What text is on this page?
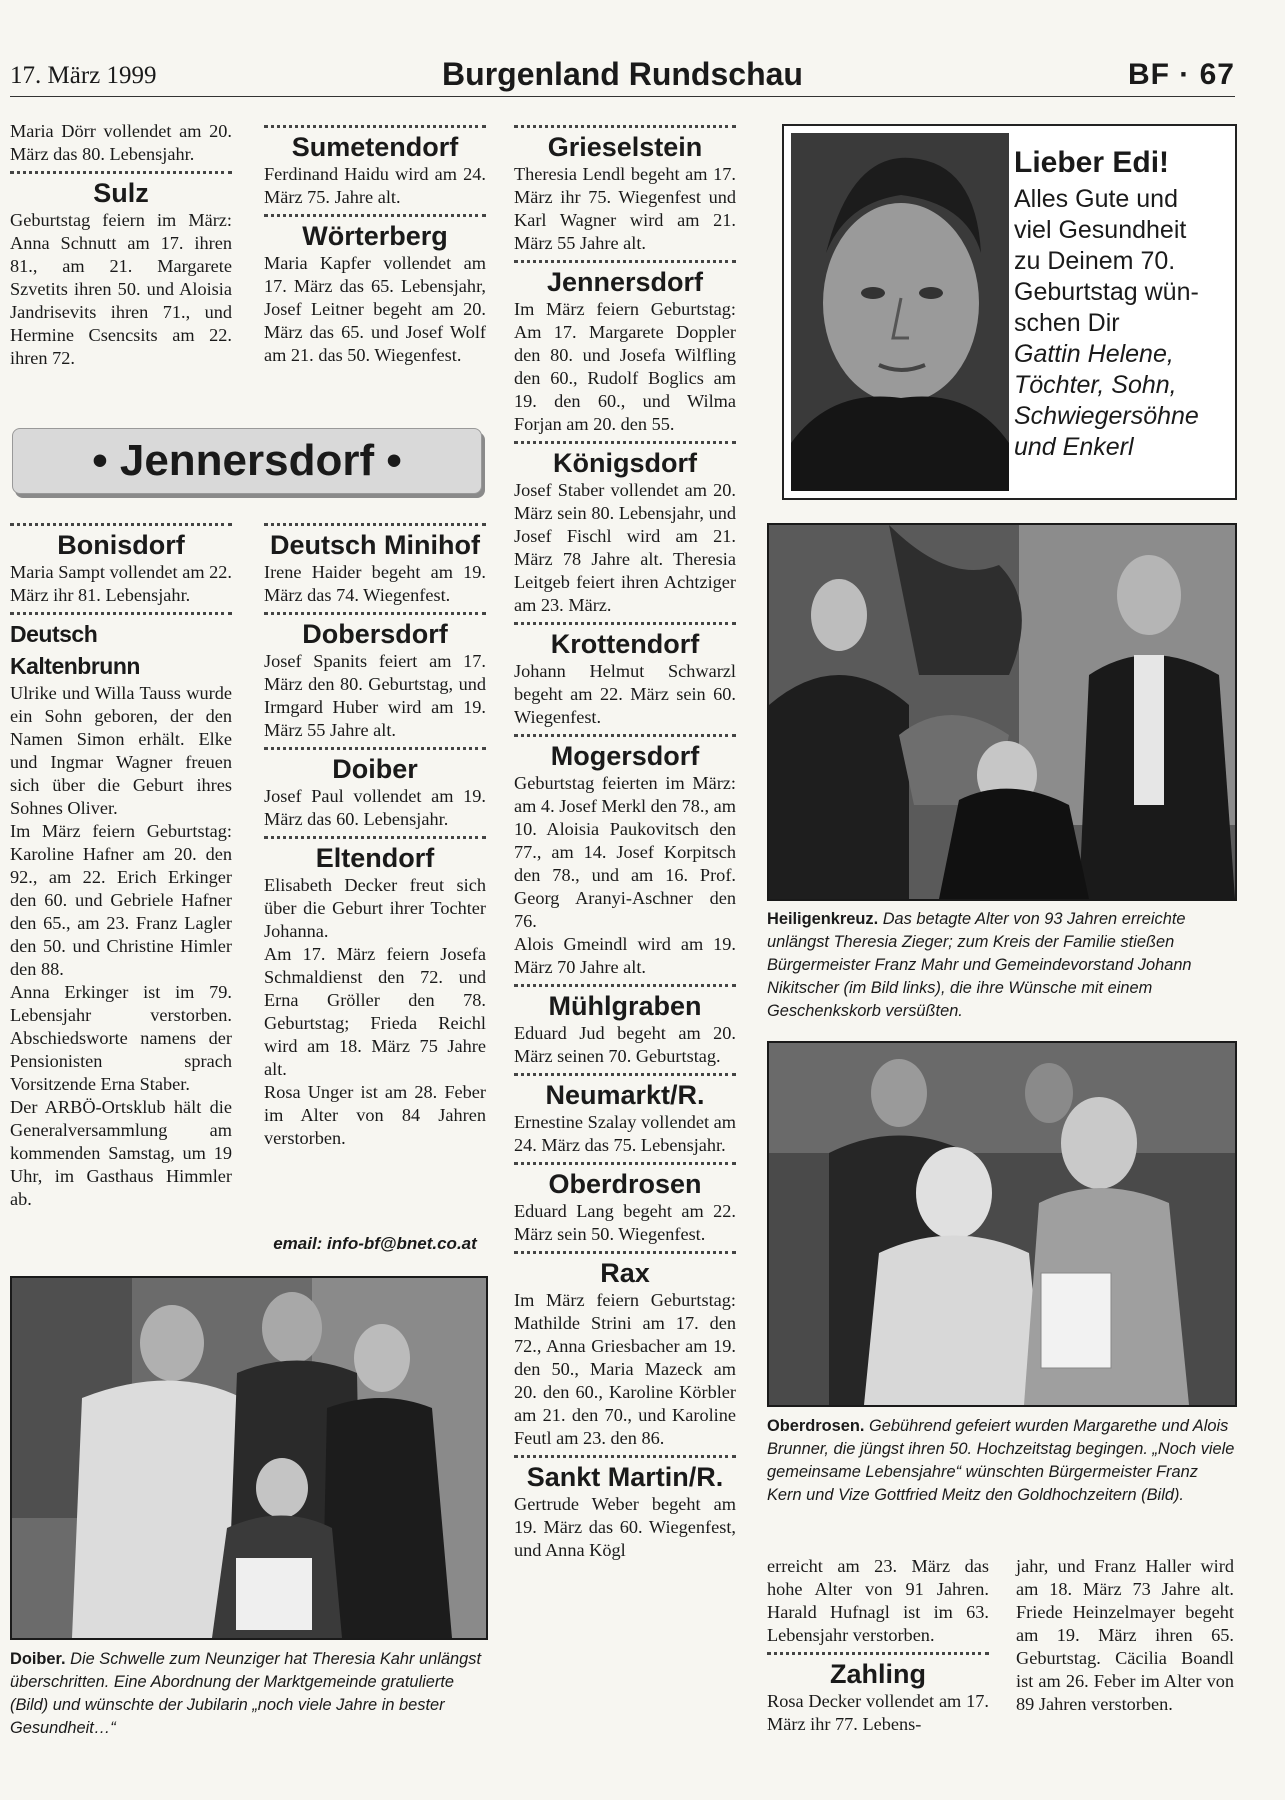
17. März 1999	Burgenland Rundschau	BF · 67

Maria Dörr vollendet am 20. März das 80. Lebensjahr.

Sulz

Geburtstag feiern im März: Anna Schnutt am 17. ihren 81., am 21. Margarete Szvetits ihren 50. und Aloisia Jandrisevits ihren 71., und Hermine Csencsits am 22. ihren 72.

• Jennersdorf •

Bonisdorf

Maria Sampt vollendet am 22. März ihr 81. Lebensjahr.

Deutsch Kaltenbrunn

Ulrike und Willa Tauss wurde ein Sohn geboren, der den Namen Simon erhält. Elke und Ingmar Wagner freuen sich über die Geburt ihres Sohnes Oliver.

Im März feiern Geburtstag: Karoline Hafner am 20. den 92., am 22. Erich Erkinger den 60. und Gebriele Hafner den 65., am 23. Franz Lagler den 50. und Christine Himler den 88.

Anna Erkinger ist im 79. Lebensjahr verstorben. Abschiedsworte namens der Pensionisten sprach Vorsitzende Erna Staber.

Der ARBÖ-Ortsklub hält die Generalversammlung am kommenden Samstag, um 19 Uhr, im Gasthaus Himmler ab.

Sumetendorf

Ferdinand Haidu wird am 24. März 75. Jahre alt.

Wörterberg

Maria Kapfer vollendet am 17. März das 65. Lebensjahr, Josef Leitner begeht am 20. März das 65. und Josef Wolf am 21. das 50. Wiegenfest.

Deutsch Minihof

Irene Haider begeht am 19. März das 74. Wiegenfest.

Dobersdorf

Josef Spanits feiert am 17. März den 80. Geburtstag, und Irmgard Huber wird am 19. März 55 Jahre alt.

Doiber

Josef Paul vollendet am 19. März das 60. Lebensjahr.

Eltendorf

Elisabeth Decker freut sich über die Geburt ihrer Tochter Johanna.

Am 17. März feiern Josefa Schmaldienst den 72. und Erna Gröller den 78. Geburtstag; Frieda Reichl wird am 18. März 75 Jahre alt.

Rosa Unger ist am 28. Feber im Alter von 84 Jahren verstorben.

email: info-bf@bnet.co.at

Grieselstein

Theresia Lendl begeht am 17. März ihr 75. Wiegenfest und Karl Wagner wird am 21. März 55 Jahre alt.

Jennersdorf

Im März feiern Geburtstag: Am 17. Margarete Doppler den 80. und Josefa Wilfling den 60., Rudolf Boglics am 19. den 60., und Wilma Forjan am 20. den 55.

Königsdorf

Josef Staber vollendet am 20. März sein 80. Lebensjahr, und Josef Fischl wird am 21. März 78 Jahre alt. Theresia Leitgeb feiert ihren Achtziger am 23. März.

Krottendorf

Johann Helmut Schwarzl begeht am 22. März sein 60. Wiegenfest.

Mogersdorf

Geburtstag feierten im März: am 4. Josef Merkl den 78., am 10. Aloisia Paukovitsch den 77., am 14. Josef Korpitsch den 78., und am 16. Prof. Georg Aranyi-Aschner den 76.

Alois Gmeindl wird am 19. März 70 Jahre alt.

Mühlgraben

Eduard Jud begeht am 20. März seinen 70. Geburtstag.

Neumarkt/R.

Ernestine Szalay vollendet am 24. März das 75. Lebensjahr.

Oberdrosen

Eduard Lang begeht am 22. März sein 50. Wiegenfest.

Rax

Im März feiern Geburtstag: Mathilde Strini am 17. den 72., Anna Griesbacher am 19. den 50., Maria Mazeck am 20. den 60., Karoline Körbler am 21. den 70., und Karoline Feutl am 23. den 86.

Sankt Martin/R.

Gertrude Weber begeht am 19. März das 60. Wiegenfest, und Anna Kögl

Lieber Edi!
Alles Gute und
viel Gesundheit
zu Deinem 70.
Geburtstag wün-
schen Dir
Gattin Helene,
Töchter, Sohn,
Schwiegersöhne
und Enkerl

Heiligenkreuz. Das betagte Alter von 93 Jahren erreichte unlängst Theresia Zieger; zum Kreis der Familie stießen Bürgermeister Franz Mahr und Gemeindevorstand Johann Nikitscher (im Bild links), die ihre Wünsche mit einem Geschenkskorb versüßten.

Oberdrosen. Gebührend gefeiert wurden Margarethe und Alois Brunner, die jüngst ihren 50. Hochzeitstag begingen. „Noch viele gemeinsame Lebensjahre“ wünschten Bürgermeister Franz Kern und Vize Gottfried Meitz den Goldhochzeitern (Bild).

Doiber. Die Schwelle zum Neunziger hat Theresia Kahr unlängst überschritten. Eine Abordnung der Marktgemeinde gratulierte (Bild) und wünschte der Jubilarin „noch viele Jahre in bester Gesundheit…“

erreicht am 23. März das hohe Alter von 91 Jahren. Harald Hufnagl ist im 63. Lebensjahr verstorben.

Zahling

Rosa Decker vollendet am 17. März ihr 77. Lebens-

jahr, und Franz Haller wird am 18. März 73 Jahre alt. Friede Heinzelmayer begeht am 19. März ihren 65. Geburtstag. Cäcilia Boandl ist am 26. Feber im Alter von 89 Jahren verstorben.
